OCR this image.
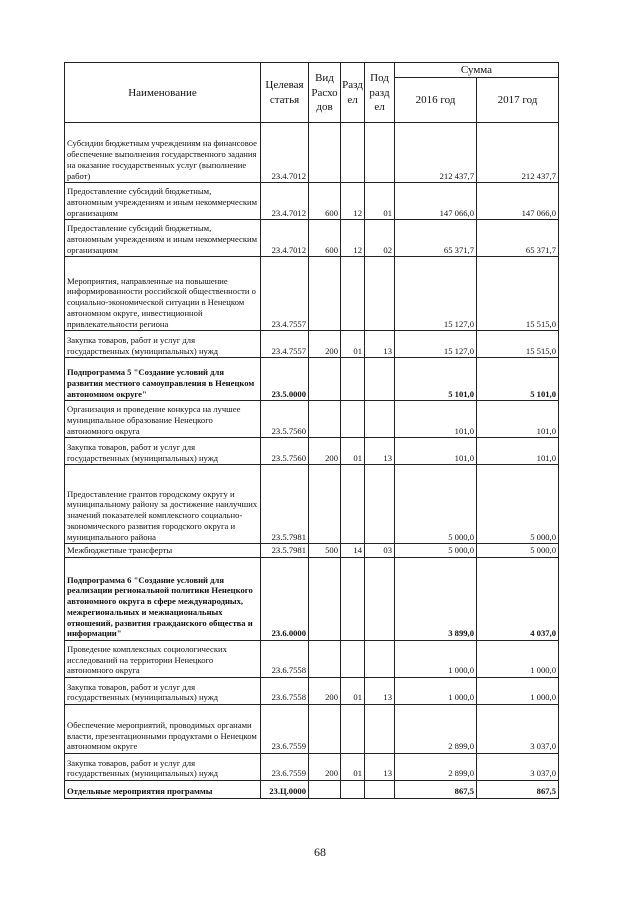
Наименование	Целевая статья	Вид Расхо дов	Разд ел	Под разд ел	Сумма	
					2016 год	2017 год
Субсидии бюджетным учреждениям на финансовое обеспечение выполнения государственного задания на оказание государственных услуг (выполнение работ)	23.4.7012				212 437,7	212 437,7
Предоставление субсидий бюджетным, автономным учреждениям и иным некоммерческим организациям	23.4.7012	600	12	01	147 066,0	147 066,0
Предоставление субсидий бюджетным, автономным учреждениям и иным некоммерческим организациям	23.4.7012	600	12	02	65 371,7	65 371,7
Мероприятия, направленные на повышение информированности российской общественности о социально-экономической ситуации в Ненецком автономном округе, инвестиционной привлекательности региона	23.4.7557				15 127,0	15 515,0
Закупка товаров, работ и услуг для государственных (муниципальных) нужд	23.4.7557	200	01	13	15 127,0	15 515,0
Подпрограмма 5 "Создание условий для развития местного самоуправления в Ненецком автономном округе"	23.5.0000				5 101,0	5 101,0
Организация и проведение конкурса на лучшее муниципальное образование Ненецкого автономного округа	23.5.7560				101,0	101,0
Закупка товаров, работ и услуг для государственных (муниципальных) нужд	23.5.7560	200	01	13	101,0	101,0
Предоставление грантов городскому округу и муниципальному району за достижение наилучших значений показателей комплексного социально-экономического развития городского округа и муниципального района	23.5.7981				5 000,0	5 000,0
Межбюджетные трансферты	23.5.7981	500	14	03	5 000,0	5 000,0
Подпрограмма 6 "Создание условий для реализации региональной политики Ненецкого автономного округа в сфере международных, межрегиональных и межнациональных отношений, развития гражданского общества и информации"	23.6.0000				3 899,0	4 037,0
Проведение комплексных социологических исследований на территории Ненецкого автономного округа	23.6.7558				1 000,0	1 000,0
Закупка товаров, работ и услуг для государственных (муниципальных) нужд	23.6.7558	200	01	13	1 000,0	1 000,0
Обеспечение мероприятий, проводимых органами власти, презентационными продуктами о Ненецком автономном округе	23.6.7559				2 899,0	3 037,0
Закупка товаров, работ и услуг для государственных (муниципальных) нужд	23.6.7559	200	01	13	2 899,0	3 037,0
Отдельные мероприятия программы	23.Ц.0000				867,5	867,5
68
